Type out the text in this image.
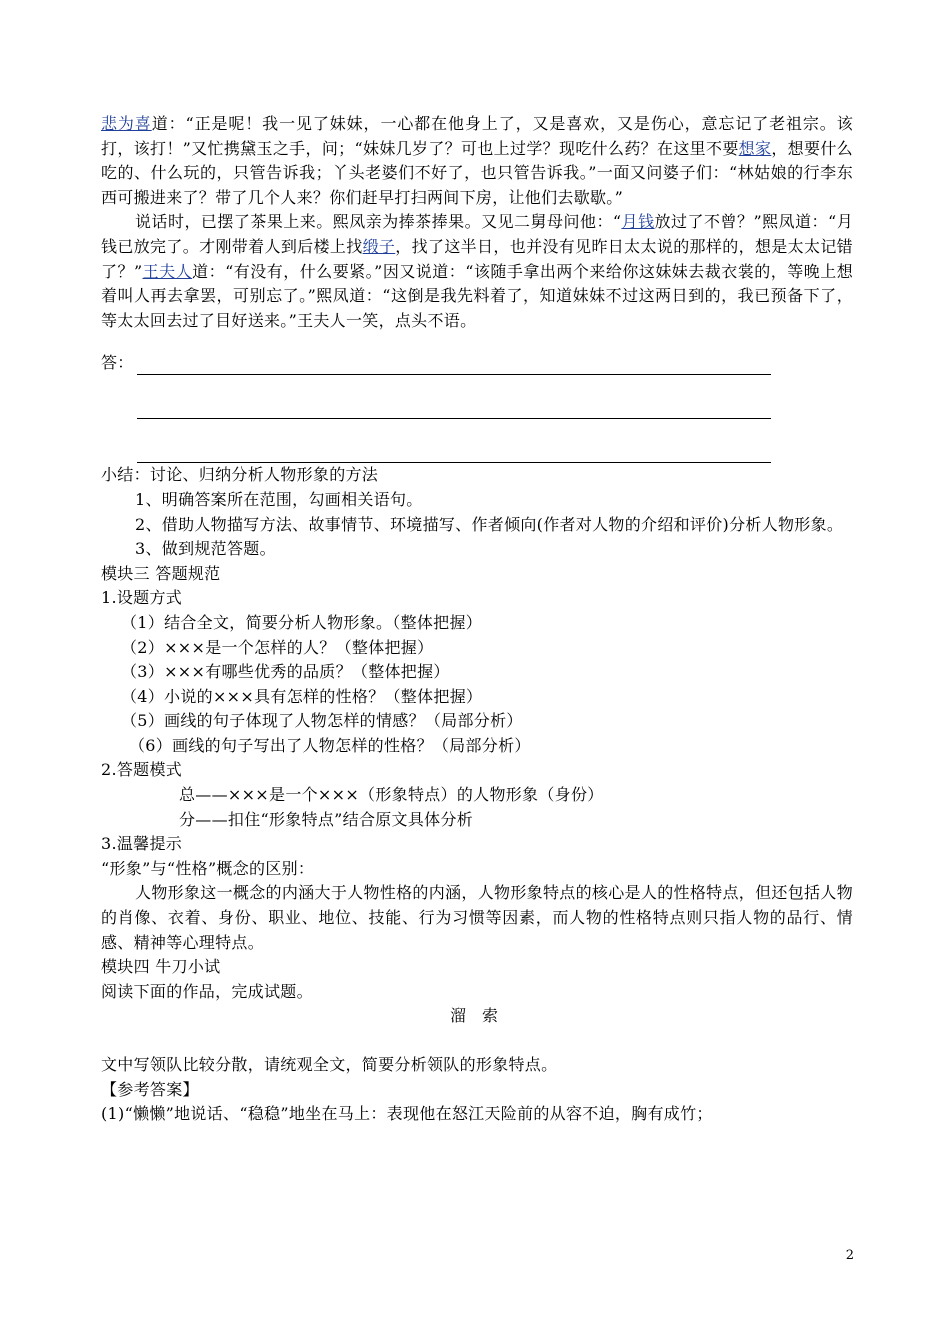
悲为喜道：“正是呢！我一见了妹妹，一心都在他身上了，又是喜欢，又是伤心，意忘记了老祖宗。该打，该打！”又忙携黛玉之手，问；“妹妹几岁了？可也上过学？现吃什么药？在这里不要想家，想要什么吃的、什么玩的，只管告诉我；丫头老婆们不好了，也只管告诉我。”一面又问婆子们：“林姑娘的行李东西可搬进来了？带了几个人来？你们赶早打扫两间下房，让他们去歇歇。”

说话时，已摆了茶果上来。熙凤亲为捧茶捧果。又见二舅母问他：“月钱放过了不曾？”熙凤道：“月钱已放完了。才刚带着人到后楼上找缎子，找了这半日，也并没有见昨日太太说的那样的，想是太太记错了？”王夫人道：“有没有，什么要紧。”因又说道：“该随手拿出两个来给你这妹妹去裁衣裳的，等晚上想着叫人再去拿罢，可别忘了。”熙凤道：“这倒是我先料着了，知道妹妹不过这两日到的，我已预备下了，等太太回去过了目好送来。”王夫人一笑，点头不语。

答：

小结：讨论、归纳分析人物形象的方法

1、明确答案所在范围，勾画相关语句。

2、借助人物描写方法、故事情节、环境描写、作者倾向(作者对人物的介绍和评价)分析人物形象。

3、做到规范答题。

模块三 答题规范

1.设题方式

（1）结合全文，简要分析人物形象。（整体把握）

（2）×××是一个怎样的人？（整体把握）

（3）×××有哪些优秀的品质？（整体把握）

（4）小说的×××具有怎样的性格？（整体把握）

（5）画线的句子体现了人物怎样的情感？（局部分析）

（6）画线的句子写出了人物怎样的性格？（局部分析）

2.答题模式

总——×××是一个×××（形象特点）的人物形象（身份）

分——扣住“形象特点”结合原文具体分析

3.温馨提示

“形象”与“性格”概念的区别：

人物形象这一概念的内涵大于人物性格的内涵，人物形象特点的核心是人的性格特点，但还包括人物的肖像、衣着、身份、职业、地位、技能、行为习惯等因素，而人物的性格特点则只指人物的品行、情感、精神等心理特点。

模块四 牛刀小试

阅读下面的作品，完成试题。

溜索

文中写领队比较分散，请统观全文，简要分析领队的形象特点。

【参考答案】

(1)“懒懒”地说话、“稳稳”地坐在马上：表现他在怒江天险前的从容不迫，胸有成竹；

2
